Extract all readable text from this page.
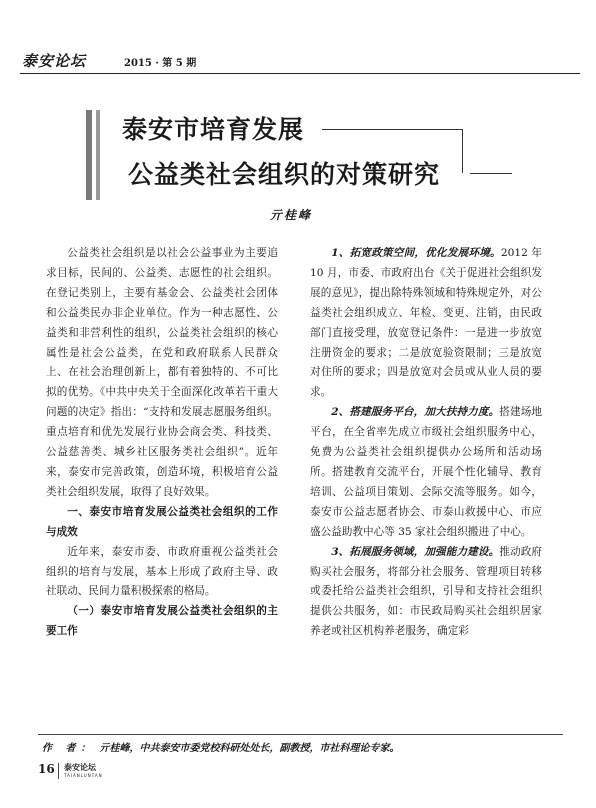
泰安论坛	2015 · 第 5 期
泰安市培育发展
公益类社会组织的对策研究
亓桂峰

公益类社会组织是以社会公益事业为主要追求目标，民间的、公益类、志愿性的社会组织。在登记类别上，主要有基金会、公益类社会团体和公益类民办非企业单位。作为一种志愿性、公益类和非营利性的组织，公益类社会组织的核心属性是社会公益类，在党和政府联系人民群众上、在社会治理创新上，都有着独特的、不可比拟的优势。《中共中央关于全面深化改革若干重大问题的决定》指出：“支持和发展志愿服务组织。重点培育和优先发展行业协会商会类、科技类、公益慈善类、城乡社区服务类社会组织”。近年来，泰安市完善政策，创造环境，积极培育公益类社会组织发展，取得了良好效果。

一、泰安市培育发展公益类社会组织的工作与成效

近年来，泰安市委、市政府重视公益类社会组织的培育与发展，基本上形成了政府主导、政社联动、民间力量积极探索的格局。

（一）泰安市培育发展公益类社会组织的主要工作

1、拓宽政策空间，优化发展环境。2012 年 10 月，市委、市政府出台《关于促进社会组织发展的意见》，提出除特殊领域和特殊规定外，对公益类社会组织成立、年检、变更、注销，由民政部门直接受理，放宽登记条件：一是进一步放宽注册资金的要求；二是放宽验资限制；三是放宽对住所的要求；四是放宽对会员或从业人员的要求。

2、搭建服务平台，加大扶持力度。搭建场地平台，在全省率先成立市级社会组织服务中心，免费为公益类社会组织提供办公场所和活动场所。搭建教育交流平台，开展个性化辅导、教育培训、公益项目策划、会际交流等服务。如今，泰安市公益志愿者协会、市泰山救援中心、市应盛公益助教中心等 35 家社会组织搬进了中心。

3、拓展服务领域，加强能力建设。推动政府购买社会服务，将部分社会服务、管理项目转移或委托给公益类社会组织，引导和支持社会组织提供公共服务，如：市民政局购买社会组织居家养老或社区机构养老服务，确定彩

作 者： 亓桂峰，中共泰安市委党校科研处处长，副教授，市社科理论专家。
16 泰安论坛
TAIANLUNTAN
